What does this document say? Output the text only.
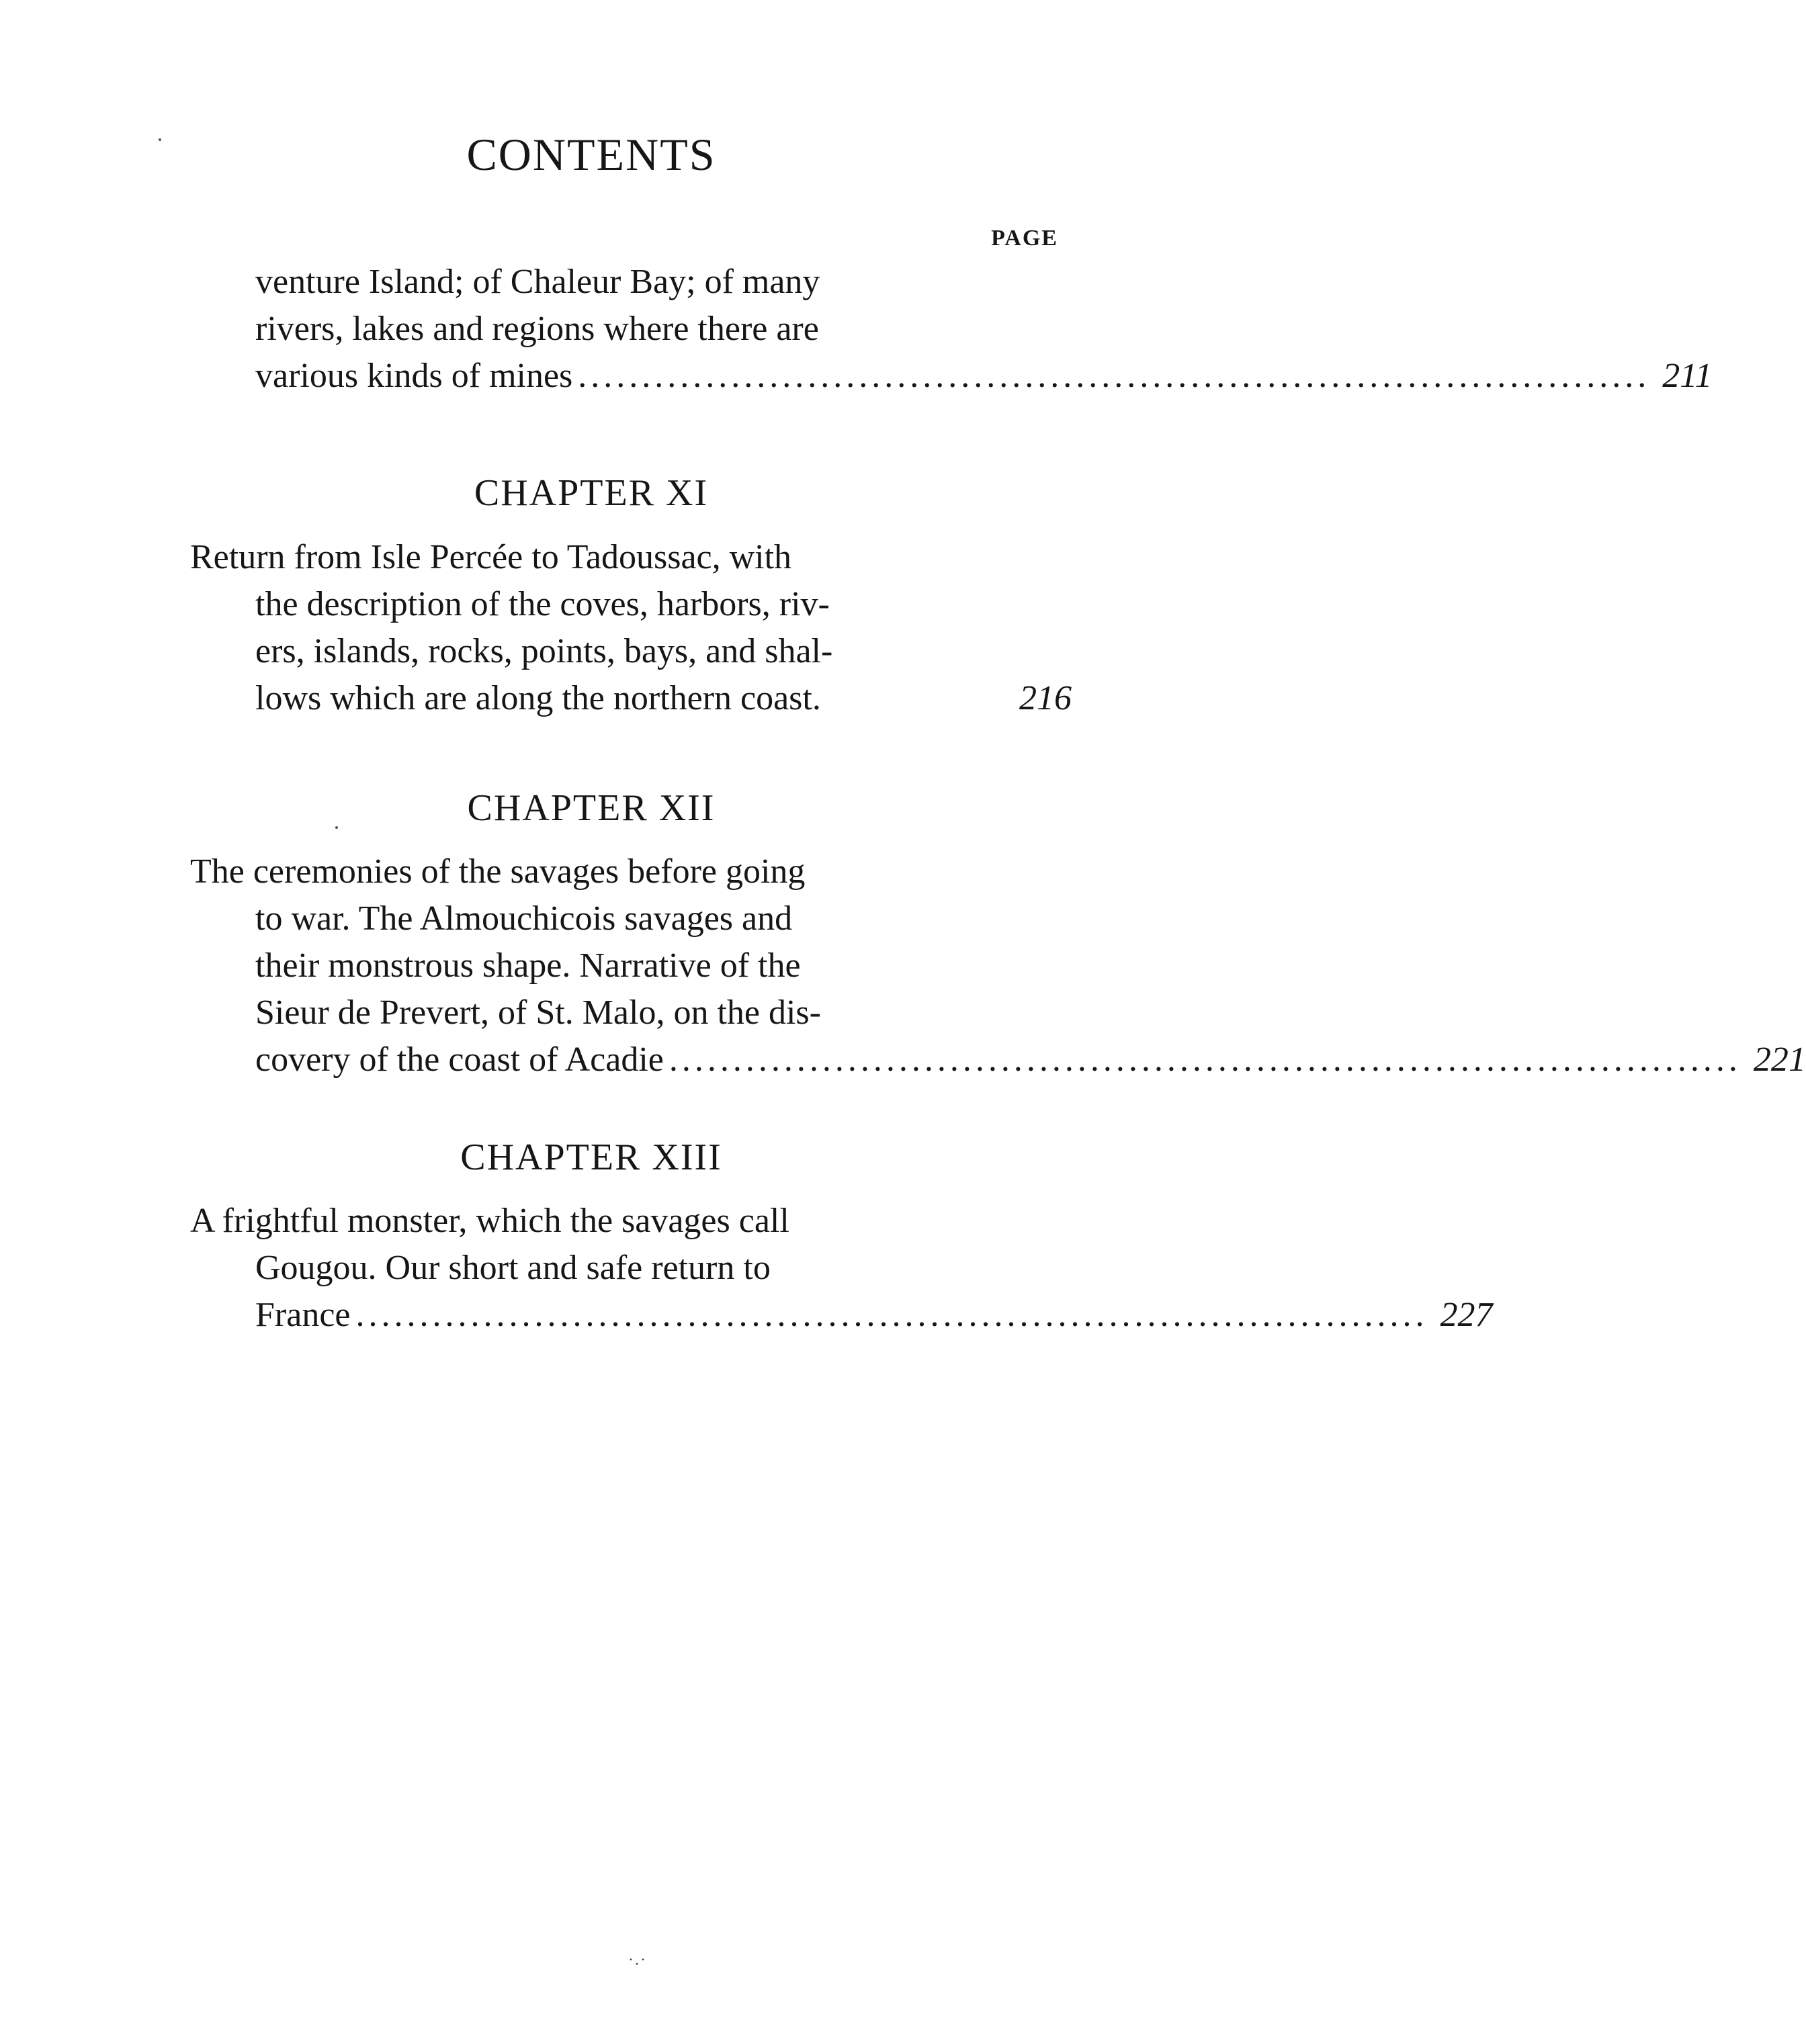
CONTENTS
PAGE
venture Island; of Chaleur Bay; of many
rivers, lakes and regions where there are
various kinds of mines .................................................................................... 211
CHAPTER XI
Return from Isle Percée to Tadoussac, with
the description of the coves, harbors, riv-
ers, islands, rocks, points, bays, and shal-
lows which are along the northern coast.	216
CHAPTER XII
The ceremonies of the savages before going
to war. The Almouchicois savages and
their monstrous shape. Narrative of the
Sieur de Prevert, of St. Malo, on the dis-
covery of the coast of Acadie .................................................................................... 221
CHAPTER XIII
A frightful monster, which the savages call
Gougou. Our short and safe return to
France .................................................................................... 227
·.·
